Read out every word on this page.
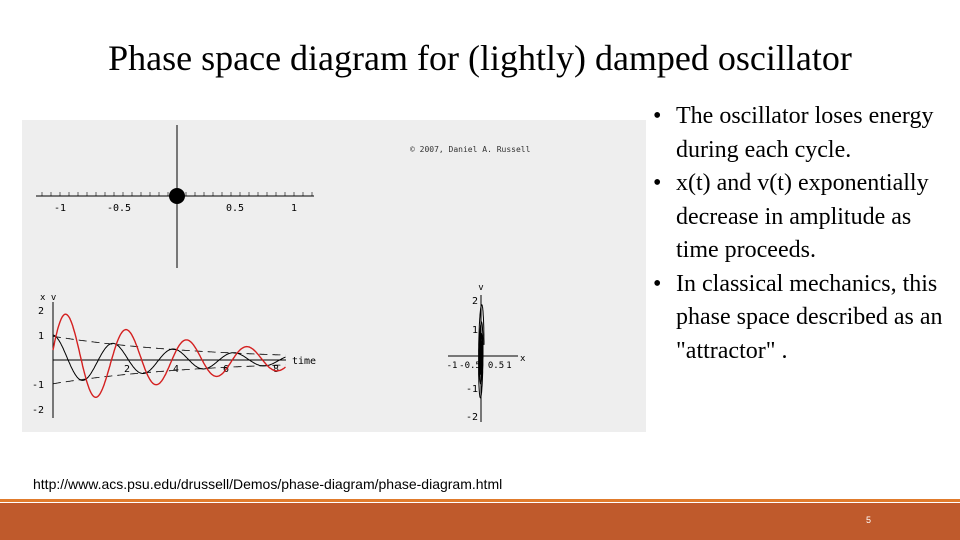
Phase space diagram for (lightly) damped oscillator
© 2007, Daniel A. Russell
-1	-0.5	0.5	1
x v
2
1
-1
-2
2	4	6	8
time
v
2
1
-1
-2
-1 -0.5 0.5 1
x
• The oscillator loses energy during each cycle.
• x(t) and v(t) exponentially decrease in amplitude as time proceeds.
• In classical mechanics, this phase space described as an "attractor" .
http://www.acs.psu.edu/drussell/Demos/phase-diagram/phase-diagram.html
5
